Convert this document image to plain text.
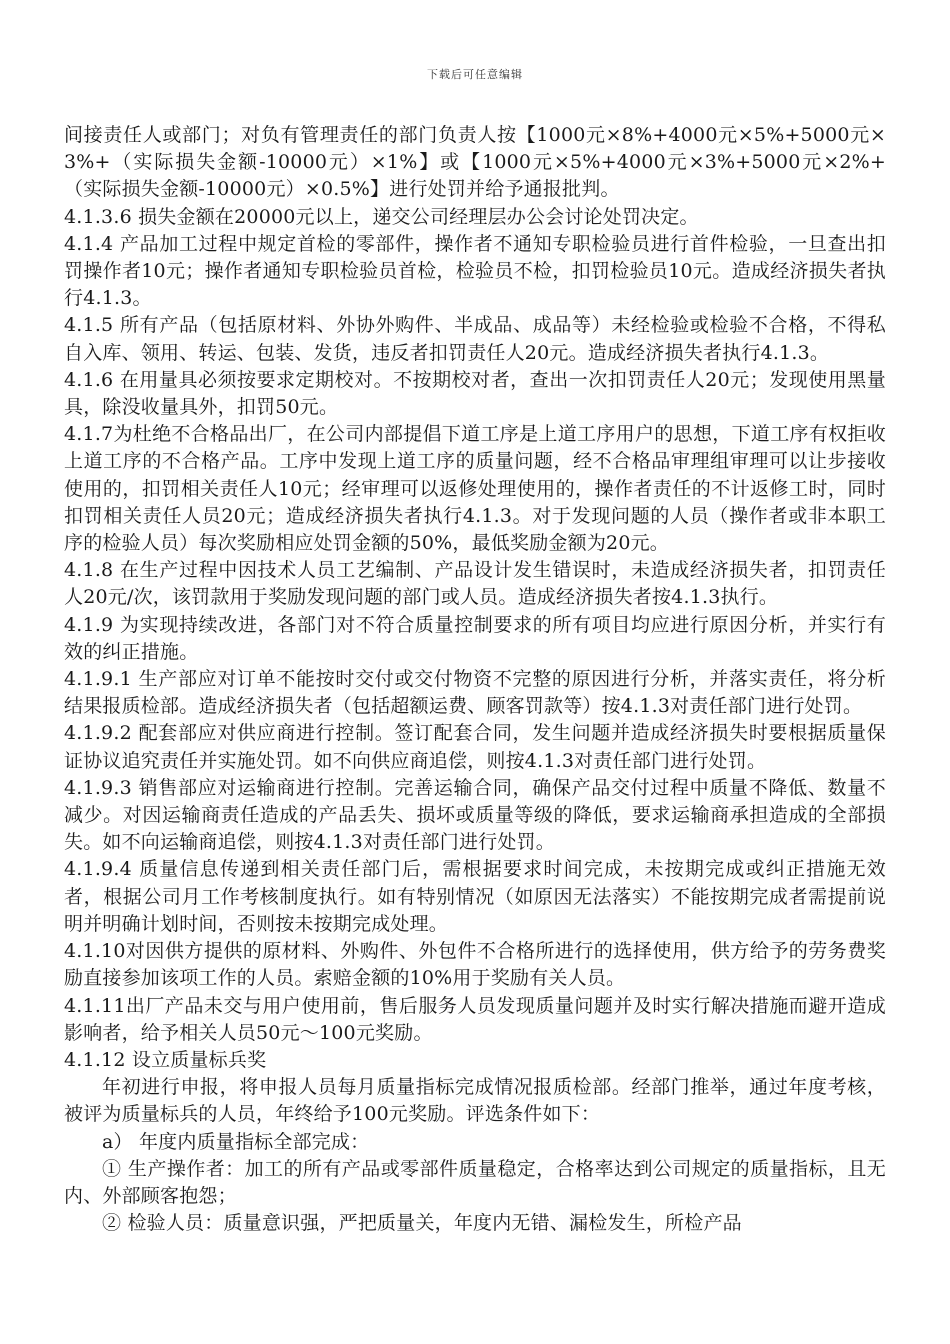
下载后可任意编辑

间接责任人或部门；对负有管理责任的部门负责人按【1000元×8%+4000元×5%+5000元×3%+（实际损失金额-10000元）×1%】或【1000元×5%+4000元×3%+5000元×2%+（实际损失金额-10000元）×0.5%】进行处罚并给予通报批判。

4.1.3.6 损失金额在20000元以上，递交公司经理层办公会讨论处罚决定。

4.1.4 产品加工过程中规定首检的零部件，操作者不通知专职检验员进行首件检验，一旦查出扣罚操作者10元；操作者通知专职检验员首检，检验员不检，扣罚检验员10元。造成经济损失者执行4.1.3。

4.1.5 所有产品（包括原材料、外协外购件、半成品、成品等）未经检验或检验不合格，不得私自入库、领用、转运、包装、发货，违反者扣罚责任人20元。造成经济损失者执行4.1.3。

4.1.6 在用量具必须按要求定期校对。不按期校对者，查出一次扣罚责任人20元；发现使用黑量具，除没收量具外，扣罚50元。

4.1.7为杜绝不合格品出厂，在公司内部提倡下道工序是上道工序用户的思想，下道工序有权拒收上道工序的不合格产品。工序中发现上道工序的质量问题，经不合格品审理组审理可以让步接收使用的，扣罚相关责任人10元；经审理可以返修处理使用的，操作者责任的不计返修工时，同时扣罚相关责任人员20元；造成经济损失者执行4.1.3。对于发现问题的人员（操作者或非本职工序的检验人员）每次奖励相应处罚金额的50%，最低奖励金额为20元。

4.1.8 在生产过程中因技术人员工艺编制、产品设计发生错误时，未造成经济损失者，扣罚责任人20元/次，该罚款用于奖励发现问题的部门或人员。造成经济损失者按4.1.3执行。

4.1.9 为实现持续改进，各部门对不符合质量控制要求的所有项目均应进行原因分析，并实行有效的纠正措施。

4.1.9.1 生产部应对订单不能按时交付或交付物资不完整的原因进行分析，并落实责任，将分析结果报质检部。造成经济损失者（包括超额运费、顾客罚款等）按4.1.3对责任部门进行处罚。

4.1.9.2 配套部应对供应商进行控制。签订配套合同，发生问题并造成经济损失时要根据质量保证协议追究责任并实施处罚。如不向供应商追偿，则按4.1.3对责任部门进行处罚。

4.1.9.3 销售部应对运输商进行控制。完善运输合同，确保产品交付过程中质量不降低、数量不减少。对因运输商责任造成的产品丢失、损坏或质量等级的降低，要求运输商承担造成的全部损失。如不向运输商追偿，则按4.1.3对责任部门进行处罚。

4.1.9.4 质量信息传递到相关责任部门后，需根据要求时间完成，未按期完成或纠正措施无效者，根据公司月工作考核制度执行。如有特别情况（如原因无法落实）不能按期完成者需提前说明并明确计划时间，否则按未按期完成处理。

4.1.10对因供方提供的原材料、外购件、外包件不合格所进行的选择使用，供方给予的劳务费奖励直接参加该项工作的人员。索赔金额的10%用于奖励有关人员。

4.1.11出厂产品未交与用户使用前，售后服务人员发现质量问题并及时实行解决措施而避开造成影响者，给予相关人员50元～100元奖励。

4.1.12 设立质量标兵奖

年初进行申报，将申报人员每月质量指标完成情况报质检部。经部门推举，通过年度考核，被评为质量标兵的人员，年终给予100元奖励。评选条件如下：

a） 年度内质量指标全部完成：

① 生产操作者：加工的所有产品或零部件质量稳定，合格率达到公司规定的质量指标，且无内、外部顾客抱怨；

② 检验人员：质量意识强，严把质量关，年度内无错、漏检发生，所检产品
